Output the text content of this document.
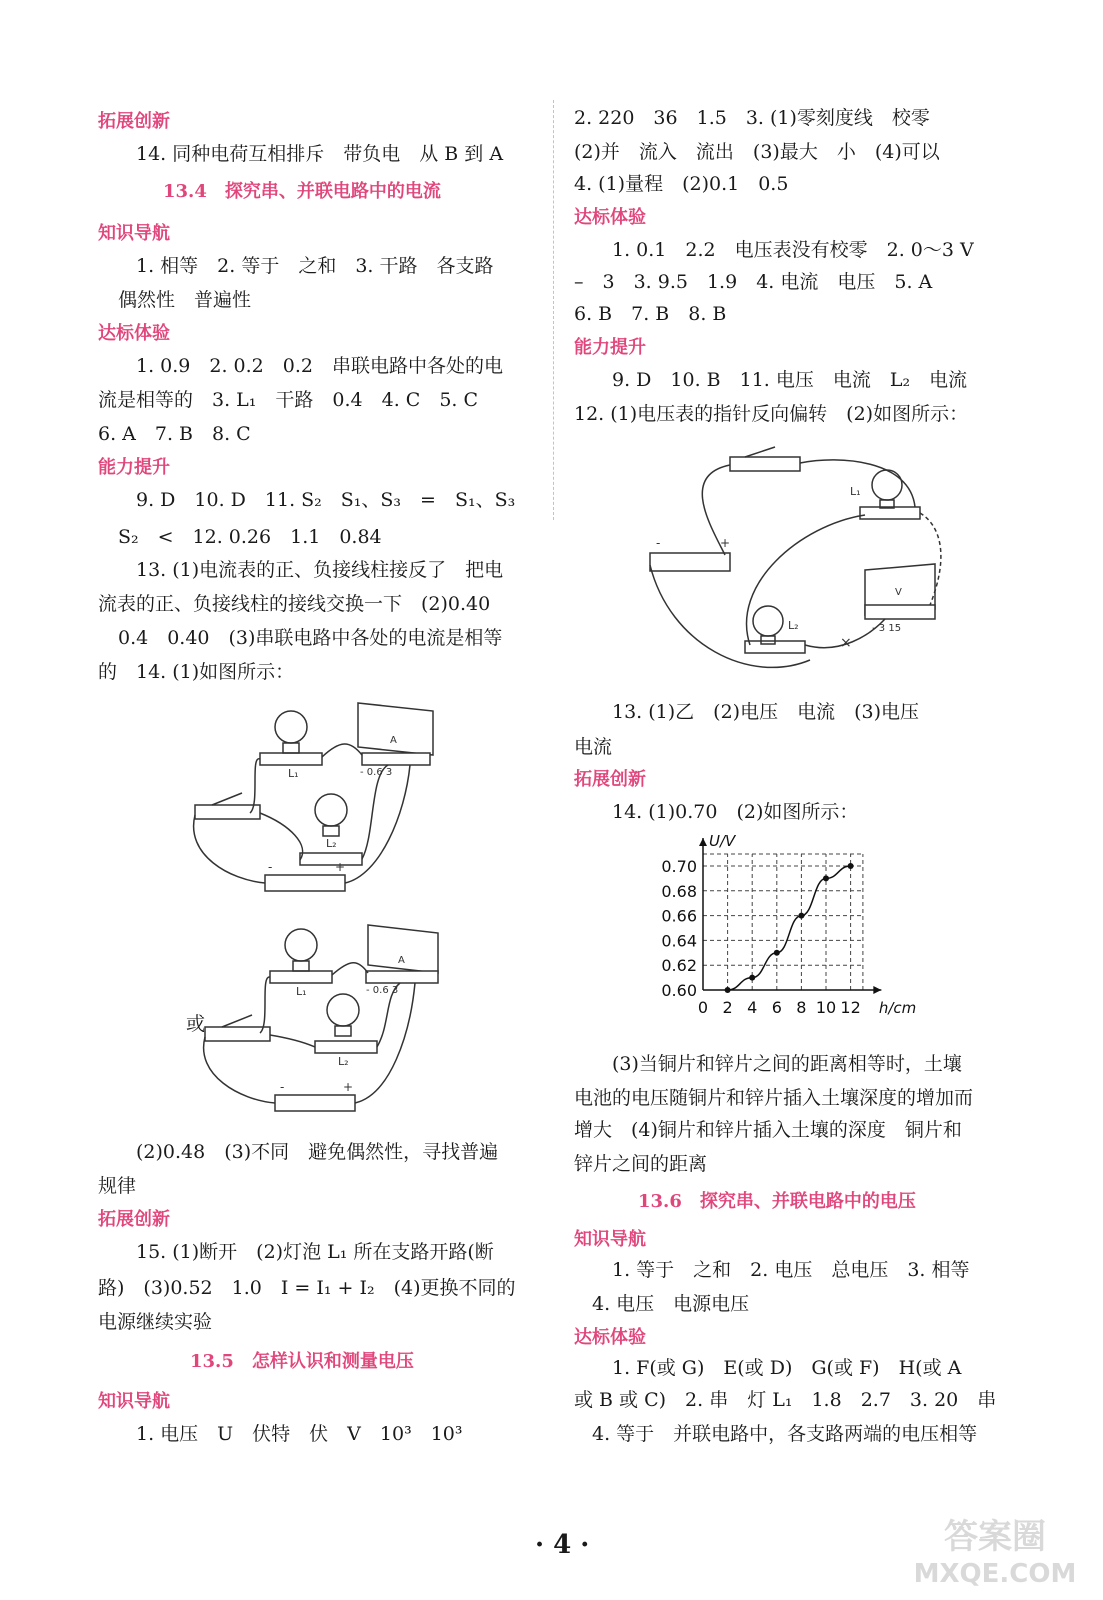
拓展创新
14. 同种电荷互相排斥　带负电　从 B 到 A
13.4　探究串、并联电路中的电流
知识导航
1. 相等　2. 等于　之和　3. 干路　各支路
偶然性　普遍性
达标体验
1. 0.9　2. 0.2　0.2　串联电路中各处的电
流是相等的　3. L₁　干路　0.4　4. C　5. C
6. A　7. B　8. C
能力提升
9. D　10. D　11. S₂　S₁、S₃　=　S₁、S₃
S₂　<　12. 0.26　1.1　0.84
13. (1)电流表的正、负接线柱接反了　把电
流表的正、负接线柱的接线交换一下　(2)0.40
0.4　0.40　(3)串联电路中各处的电流是相等
的　14. (1)如图所示：
或
(2)0.48　(3)不同　避免偶然性，寻找普遍
规律
拓展创新
15. (1)断开　(2)灯泡 L₁ 所在支路开路(断
路)　(3)0.52　1.0　I = I₁ + I₂　(4)更换不同的
电源继续实验
13.5　怎样认识和测量电压
知识导航
1. 电压　U　伏特　伏　V　10³　10³
L₁
L₂
A
- 0.6 3
-	+
L₁
L₂
A
- 0.6 3
-	+
2. 220　36　1.5　3. (1)零刻度线　校零
(2)并　流入　流出　(3)最大　小　(4)可以
4. (1)量程　(2)0.1　0.5
达标体验
1. 0.1　2.2　电压表没有校零　2. 0～3 V
–　3　3. 9.5　1.9　4. 电流　电压　5. A
6. B　7. B　8. B
能力提升
9. D　10. B　11. 电压　电流　L₂　电流
12. (1)电压表的指针反向偏转　(2)如图所示：
13. (1)乙　(2)电压　电流　(3)电压
电流
拓展创新
14. (1)0.70　(2)如图所示：
(3)当铜片和锌片之间的距离相等时，土壤
电池的电压随铜片和锌片插入土壤深度的增加而
增大　(4)铜片和锌片插入土壤的深度　铜片和
锌片之间的距离
13.6　探究串、并联电路中的电压
知识导航
1. 等于　之和　2. 电压　总电压　3. 相等
4. 电压　电源电压
达标体验
1. F(或 G)　E(或 D)　G(或 F)　H(或 A
或 B 或 C)　2. 串　灯 L₁　1.8　2.7　3. 20　串
4. 等于　并联电路中，各支路两端的电压相等
×
L₁
L₂
V
- 3 15
-	+
0 2 4 6 8 10 12
0.60
0.62
0.64
0.66
0.68
0.70
h/cm
U/V
· 4 ·	答案圈
MXQE.COM
